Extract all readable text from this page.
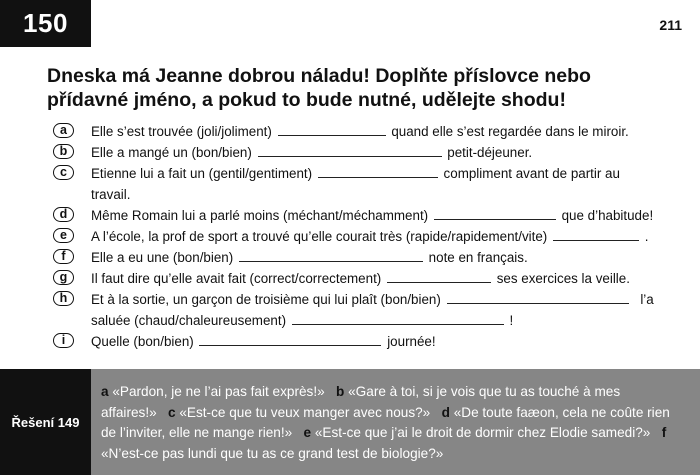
150	211
Dneska má Jeanne dobrou náladu! Doplňte příslovce nebo přídavné jméno, a pokud to bude nutné, udělejte shodu!
a	Elle s’est trouvée (joli/joliment)	quand elle s’est regardée dans le miroir.
b	Elle a mangé un (bon/bien)	petit-déjeuner.
c	Etienne lui a fait un (gentil/gentiment)	compliment avant de partir au travail.
d	Même Romain lui a parlé moins (méchant/méchamment)	que d’habitude!
e	A l’école, la prof de sport a trouvé qu’elle courait très (rapide/rapidement/vite)	.
f	Elle a eu une (bon/bien)	note en français.
g	Il faut dire qu’elle avait fait (correct/correctement)	ses exercices la veille.
h	Et à la sortie, un garçon de troisième qui lui plaît (bon/bien)	l’a
saluée (chaud/chaleureusement)	!
i	Quelle (bon/bien)	journée!
Řešení 149
a «Pardon, je ne l’ai pas fait exprès!» b «Gare à toi, si je vois que tu as touché à mes affaires!» c «Est-ce que tu veux manger avec nous?» d «De toute faæon, cela ne coûte rien de l’inviter, elle ne mange rien!» e «Est-ce que j’ai le droit de dormir chez Elodie samedi?» f «N’est-ce pas lundi que tu as ce grand test de biologie?»
